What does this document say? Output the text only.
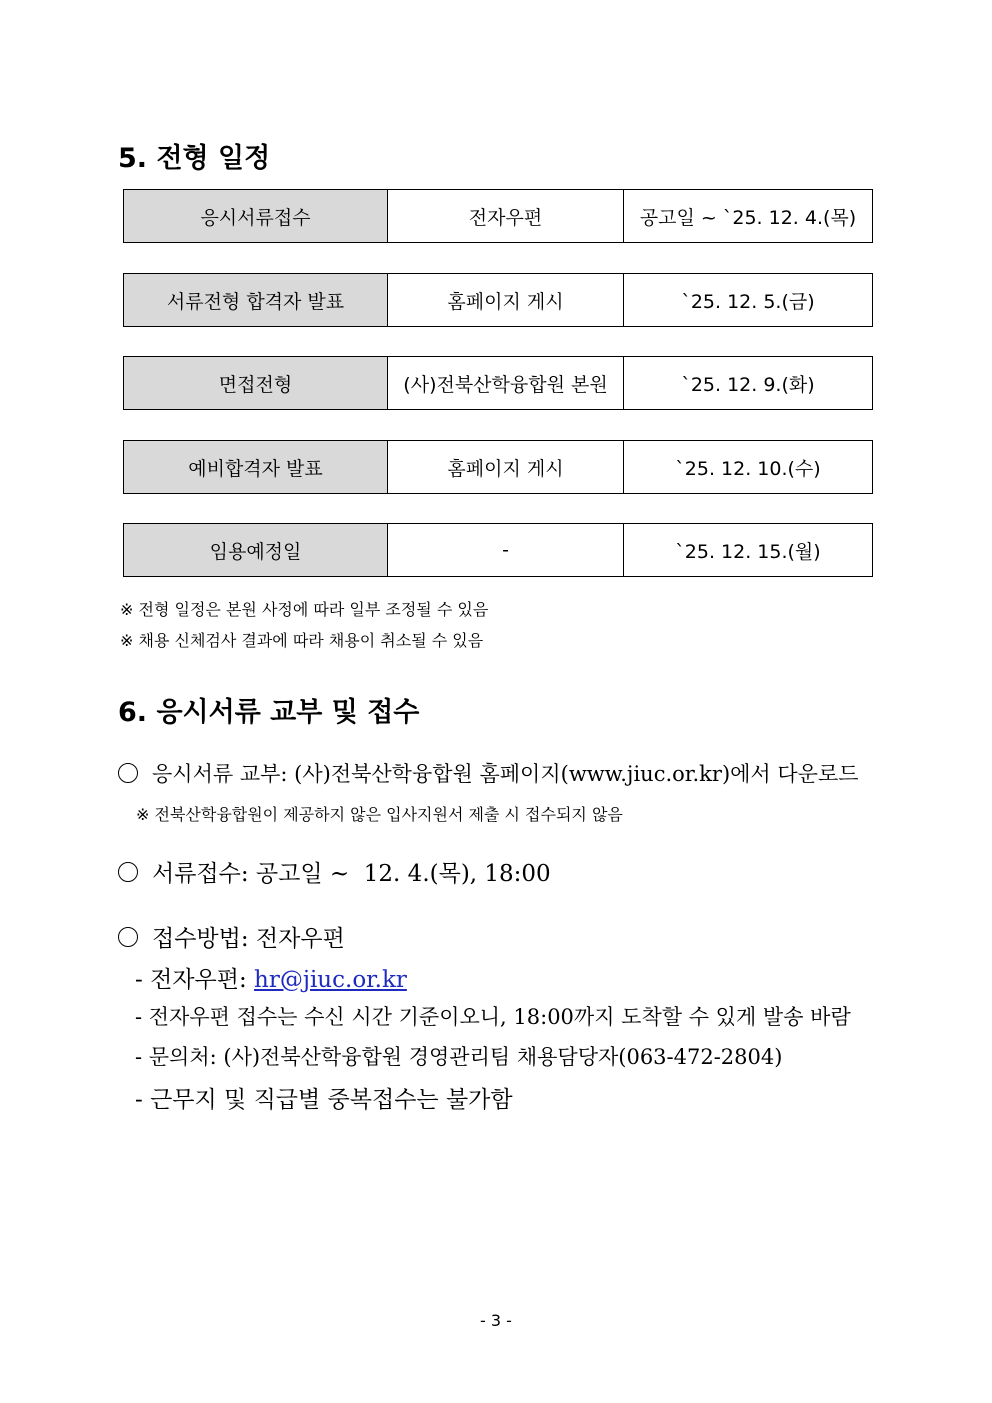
5. 전형 일정
응시서류접수	전자우편	공고일 ~ `25. 12. 4.(목)
서류전형 합격자 발표	홈페이지 게시	`25. 12. 5.(금)
면접전형	(사)전북산학융합원 본원	`25. 12. 9.(화)
예비합격자 발표	홈페이지 게시	`25. 12. 10.(수)
임용예정일	-	`25. 12. 15.(월)
※ 전형 일정은 본원 사정에 따라 일부 조정될 수 있음
※ 채용 신체검사 결과에 따라 채용이 취소될 수 있음
6. 응시서류 교부 및 접수
응시서류 교부: (사)전북산학융합원 홈페이지(www.jiuc.or.kr)에서 다운로드
※ 전북산학융합원이 제공하지 않은 입사지원서 제출 시 접수되지 않음
서류접수: 공고일 ~  12. 4.(목), 18:00
접수방법: 전자우편
- 전자우편: hr@jiuc.or.kr
- 전자우편 접수는 수신 시간 기준이오니, 18:00까지 도착할 수 있게 발송 바람
- 문의처: (사)전북산학융합원 경영관리팀 채용담당자(063-472-2804)
- 근무지 및 직급별 중복접수는 불가함
- 3 -
